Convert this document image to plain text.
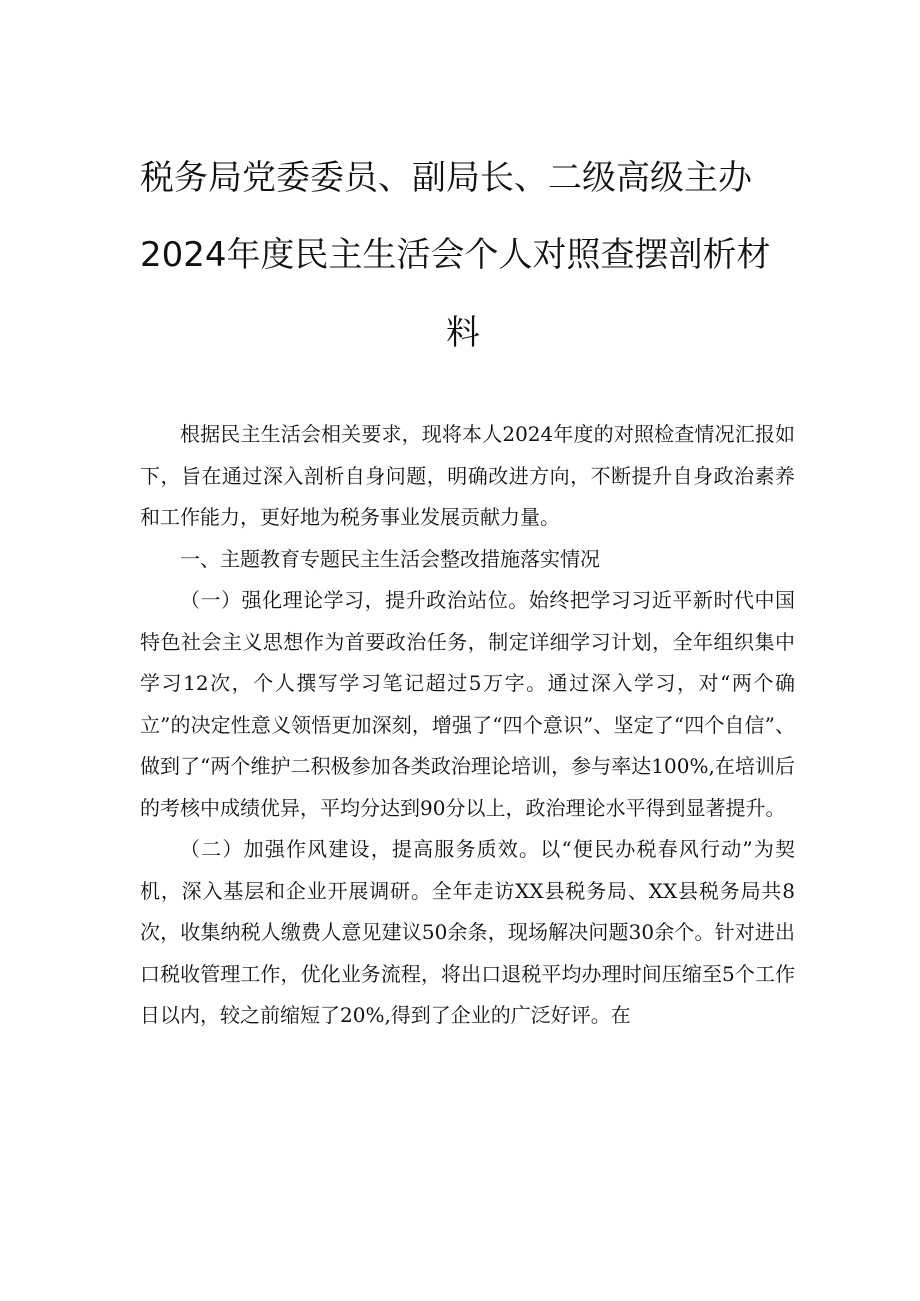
税务局党委委员、副局长、二级高级主办
2024年度民主生活会个人对照查摆剖析材
料

根据民主生活会相关要求，现将本人2024年度的对照检查情况汇报如下，旨在通过深入剖析自身问题，明确改进方向，不断提升自身政治素养和工作能力，更好地为税务事业发展贡献力量。

一、主题教育专题民主生活会整改措施落实情况

（一）强化理论学习，提升政治站位。始终把学习习近平新时代中国特色社会主义思想作为首要政治任务，制定详细学习计划，全年组织集中学习12次，个人撰写学习笔记超过5万字。通过深入学习，对“两个确立”的决定性意义领悟更加深刻，增强了“四个意识”、坚定了“四个自信”、做到了“两个维护二积极参加各类政治理论培训，参与率达100%,在培训后的考核中成绩优异，平均分达到90分以上，政治理论水平得到显著提升。

（二）加强作风建设，提高服务质效。以“便民办税春风行动”为契机，深入基层和企业开展调研。全年走访XX县税务局、XX县税务局共8次，收集纳税人缴费人意见建议50余条，现场解决问题30余个。针对进出口税收管理工作，优化业务流程，将出口退税平均办理时间压缩至5个工作日以内，较之前缩短了20%,得到了企业的广泛好评。在
